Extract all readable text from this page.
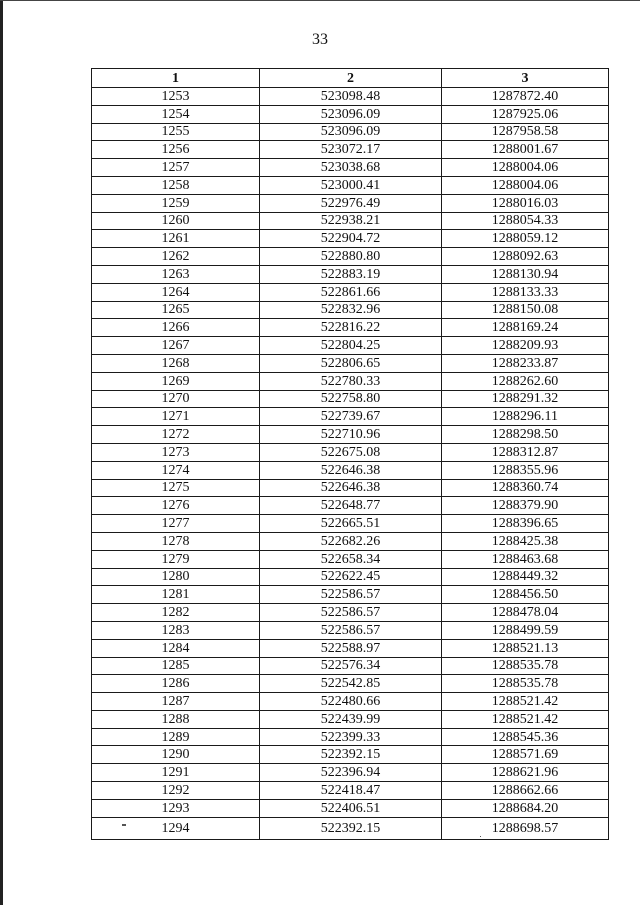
33
1	2	3
1253	523098.48	1287872.40
1254	523096.09	1287925.06
1255	523096.09	1287958.58
1256	523072.17	1288001.67
1257	523038.68	1288004.06
1258	523000.41	1288004.06
1259	522976.49	1288016.03
1260	522938.21	1288054.33
1261	522904.72	1288059.12
1262	522880.80	1288092.63
1263	522883.19	1288130.94
1264	522861.66	1288133.33
1265	522832.96	1288150.08
1266	522816.22	1288169.24
1267	522804.25	1288209.93
1268	522806.65	1288233.87
1269	522780.33	1288262.60
1270	522758.80	1288291.32
1271	522739.67	1288296.11
1272	522710.96	1288298.50
1273	522675.08	1288312.87
1274	522646.38	1288355.96
1275	522646.38	1288360.74
1276	522648.77	1288379.90
1277	522665.51	1288396.65
1278	522682.26	1288425.38
1279	522658.34	1288463.68
1280	522622.45	1288449.32
1281	522586.57	1288456.50
1282	522586.57	1288478.04
1283	522586.57	1288499.59
1284	522588.97	1288521.13
1285	522576.34	1288535.78
1286	522542.85	1288535.78
1287	522480.66	1288521.42
1288	522439.99	1288521.42
1289	522399.33	1288545.36
1290	522392.15	1288571.69
1291	522396.94	1288621.96
1292	522418.47	1288662.66
1293	522406.51	1288684.20
1294	522392.15	1288698.57
